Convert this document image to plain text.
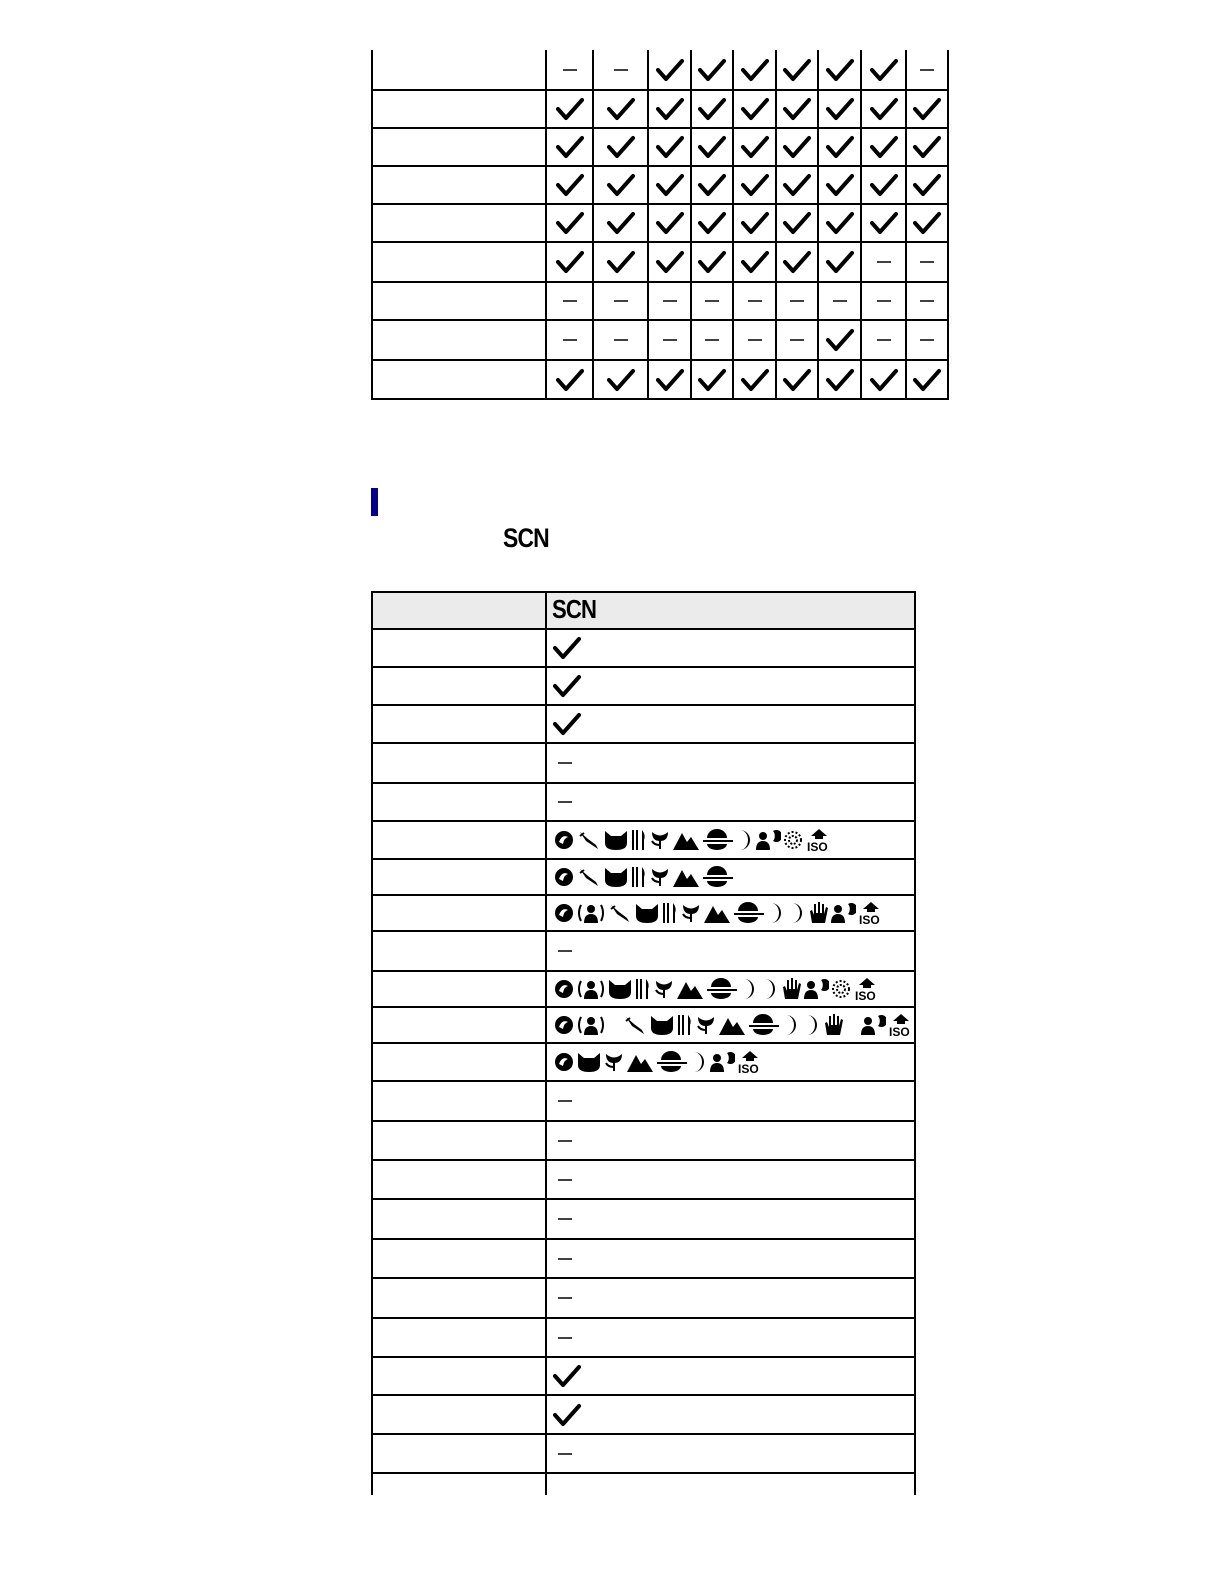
SCN
SCN
ISO
ISO
ISO
ISO
ISO
